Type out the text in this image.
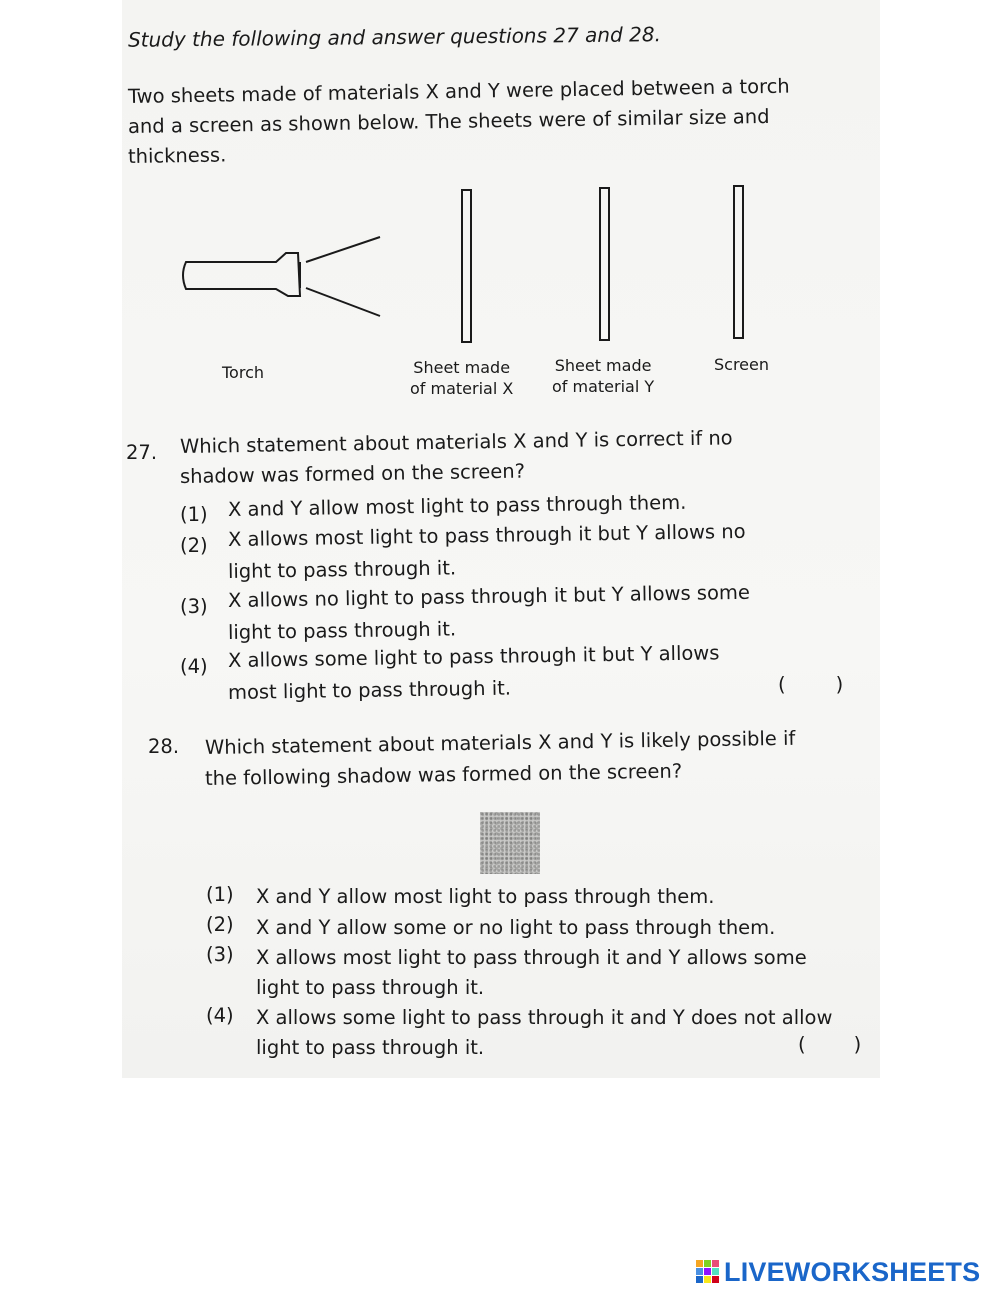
Study the following and answer questions 27 and 28.
Two sheets made of materials X and Y were placed between a torch
and a screen as shown below. The sheets were of similar size and
thickness.
Torch	Sheet made
of material X
Sheet made
of material Y
Screen
27. Which statement about materials X and Y is correct if no
shadow was formed on the screen?
(1) X and Y allow most light to pass through them.
(2) X allows most light to pass through it but Y allows no
light to pass through it.
(3) X allows no light to pass through it but Y allows some
light to pass through it.
(4) X allows some light to pass through it but Y allows
most light to pass through it.	(	)
28. Which statement about materials X and Y is likely possible if
the following shadow was formed on the screen?
(1) X and Y allow most light to pass through them.
(2) X and Y allow some or no light to pass through them.
(3) X allows most light to pass through it and Y allows some
light to pass through it.
(4) X allows some light to pass through it and Y does not allow
light to pass through it.	( )
LIVEWORKSHEETS
